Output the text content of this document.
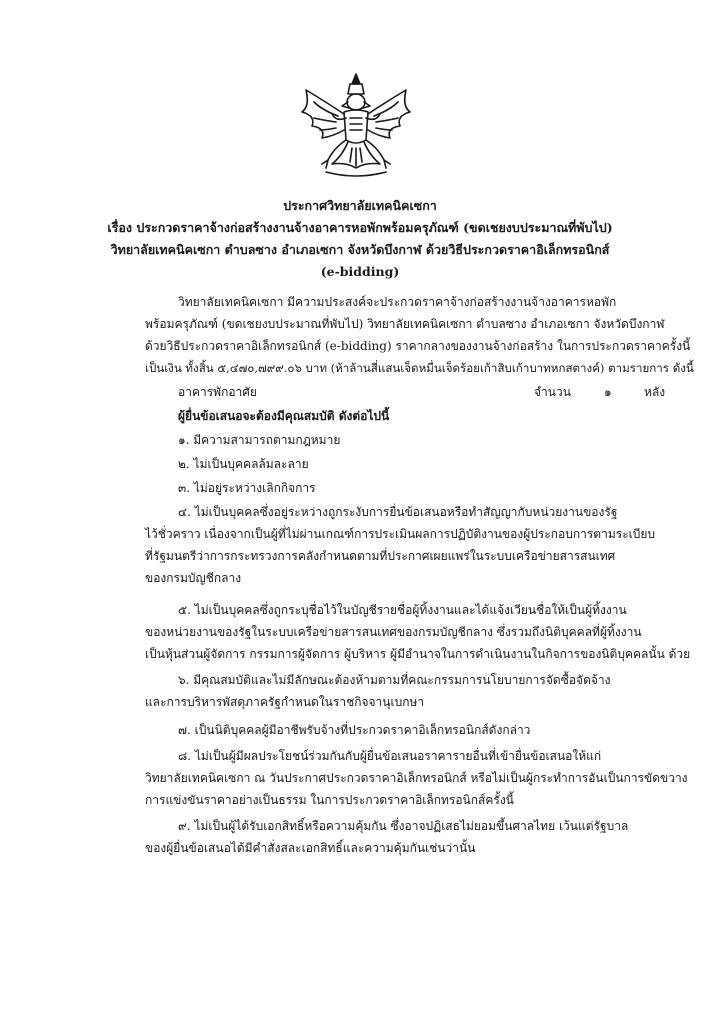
ประกาศวิทยาลัยเทคนิคเซกา
เรื่อง ประกวดราคาจ้างก่อสร้างงานจ้างอาคารหอพักพร้อมครุภัณฑ์ (ขดเชยงบประมาณที่พับไป)
วิทยาลัยเทคนิคเซกา ตำบลซาง อำเภอเซกา จังหวัดบึงกาฬ ด้วยวิธีประกวดราคาอิเล็กทรอนิกส์
(e-bidding)
วิทยาลัยเทคนิคเซกา มีความประสงค์จะประกวดราคาจ้างก่อสร้างงานจ้างอาคารหอพัก
พร้อมครุภัณฑ์ (ขดเชยงบประมาณที่พับไป) วิทยาลัยเทคนิคเซกา ตำบลซาง อำเภอเซกา จังหวัดบึงกาฬ
ด้วยวิธีประกวดราคาอิเล็กทรอนิกส์ (e-bidding) ราคากลางของงานจ้างก่อสร้าง ในการประกวดราคาครั้งนี้
เป็นเงิน ทั้งสิ้น ๕,๔๗๐,๗๙๙.๐๖ บาท (ห้าล้านสี่แสนเจ็ดหมื่นเจ็ดร้อยเก้าสิบเก้าบาทหกสตางค์) ตามรายการ ดังนี้
อาคารพักอาศัย	จำนวน	๑	หลัง
ผู้ยื่นข้อเสนอจะต้องมีคุณสมบัติ ดังต่อไปนี้
๑. มีความสามารถตามกฎหมาย
๒. ไม่เป็นบุคคลล้มละลาย
๓. ไม่อยู่ระหว่างเลิกกิจการ
๔. ไม่เป็นบุคคลซึ่งอยู่ระหว่างถูกระงับการยื่นข้อเสนอหรือทำสัญญากับหน่วยงานของรัฐ
ไว้ชั่วคราว เนื่องจากเป็นผู้ที่ไม่ผ่านเกณฑ์การประเมินผลการปฏิบัติงานของผู้ประกอบการตามระเบียบ
ที่รัฐมนตรีว่าการกระทรวงการคลังกำหนดตามที่ประกาศเผยแพร่ในระบบเครือข่ายสารสนเทศ
ของกรมบัญชีกลาง
๕. ไม่เป็นบุคคลซึ่งถูกระบุชื่อไว้ในบัญชีรายชื่อผู้ทิ้งงานและได้แจ้งเวียนชื่อให้เป็นผู้ทิ้งงาน
ของหน่วยงานของรัฐในระบบเครือข่ายสารสนเทศของกรมบัญชีกลาง ซึ่งรวมถึงนิติบุคคลที่ผู้ทิ้งงาน
เป็นหุ้นส่วนผู้จัดการ กรรมการผู้จัดการ ผู้บริหาร ผู้มีอำนาจในการดำเนินงานในกิจการของนิติบุคคลนั้น ด้วย
๖. มีคุณสมบัติและไม่มีลักษณะต้องห้ามตามที่คณะกรรมการนโยบายการจัดซื้อจัดจ้าง
และการบริหารพัสดุภาครัฐกำหนดในราชกิจจานุเบกษา
๗. เป็นนิติบุคคลผู้มีอาชีพรับจ้างที่ประกวดราคาอิเล็กทรอนิกส์ดังกล่าว
๘. ไม่เป็นผู้มีผลประโยชน์ร่วมกันกับผู้ยื่นข้อเสนอราคารายอื่นที่เข้ายื่นข้อเสนอให้แก่
วิทยาลัยเทคนิคเซกา ณ วันประกาศประกวดราคาอิเล็กทรอนิกส์ หรือไม่เป็นผู้กระทำการอันเป็นการขัดขวาง
การแข่งขันราคาอย่างเป็นธรรม ในการประกวดราคาอิเล็กทรอนิกส์ครั้งนี้
๙. ไม่เป็นผู้ได้รับเอกสิทธิ์หรือความคุ้มกัน ซึ่งอาจปฏิเสธไม่ยอมขึ้นศาลไทย เว้นแต่รัฐบาล
ของผู้ยื่นข้อเสนอได้มีคำสั่งสละเอกสิทธิ์และความคุ้มกันเช่นว่านั้น
